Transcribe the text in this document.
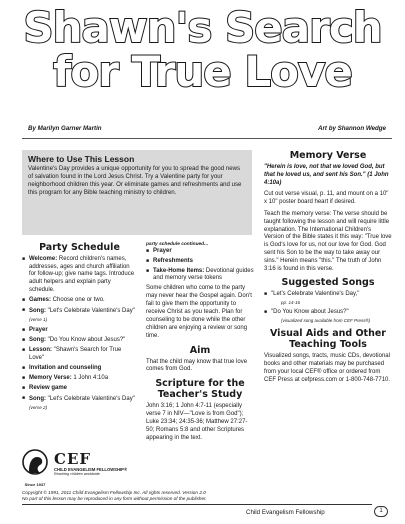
Shawn's Search
for True Love
By Marilyn Garner Martin	Art by Shannon Wedge
Where to Use This Lesson

Valentine's Day provides a unique opportunity for you to spread the good news of salvation found in the Lord Jesus Christ. Try a Valentine party for your neighborhood children this year. Or eliminate games and refreshments and use this program for any Bible teaching ministry to children.

Party Schedule
■ Welcome: Record children's names, addresses, ages and church affiliation for follow-up; give name tags. Introduce adult helpers and explain party schedule.
■ Games: Choose one or two.
■ Song: "Let's Celebrate Valentine's Day" (verse 1)
■ Prayer
■ Song: "Do You Know about Jesus?"
■ Lesson: "Shawn's Search for True Love"
■ Invitation and counseling
■ Memory Verse: 1 John 4:10a
■ Review game
■ Song: "Let's Celebrate Valentine's Day" (verse 2)
party schedule continued...
■ Prayer
■ Refreshments
■ Take-Home Items: Devotional guides and memory verse tokens

Some children who come to the party may never hear the Gospel again. Don't fail to give them the opportunity to receive Christ as you teach. Plan for counseling to be done while the other children are enjoying a review or song time.

Aim

That the child may know that true love comes from God.

Scripture for the Teacher's Study

John 3:16; 1 John 4:7-11 (especially verse 7 in NIV—"Love is from God"); Luke 23:34; 24:35-36; Matthew 27:27-50; Romans 5:8 and other Scriptures appearing in the text.

Memory Verse

"Herein is love, not that we loved God, but that he loved us, and sent his Son." (1 John 4:10a)

Cut out verse visual, p. 11, and mount on a 10" x 10" poster board heart if desired.

Teach the memory verse: The verse should be taught following the lesson and will require little explanation. The International Children's Version of the Bible states it this way: "True love is God's love for us, not our love for God. God sent his Son to be the way to take away our sins." Herein means "this." The truth of John 3:16 is found in this verse.

Suggested Songs
■ "Let's Celebrate Valentine's Day,"
pp. 14-16
■ "Do You Know about Jesus?"
(visualized song available from CEF Press®)
Visual Aids and Other Teaching Tools

Visualized songs, tracts, music CDs, devotional books and other materials may be purchased from your local CEF® office or ordered from CEF Press at cefpress.com or 1-800-748-7710.

CEF
CHILD EVANGELISM FELLOWSHIP®
Reaching children worldwide
Since 1937
Copyright © 1991, 2011 Child Evangelism Fellowship Inc. All rights reserved. Version 2.0
No part of this lesson may be reproduced in any form without permission of the publisher.
Child Evangelism Fellowship	1
